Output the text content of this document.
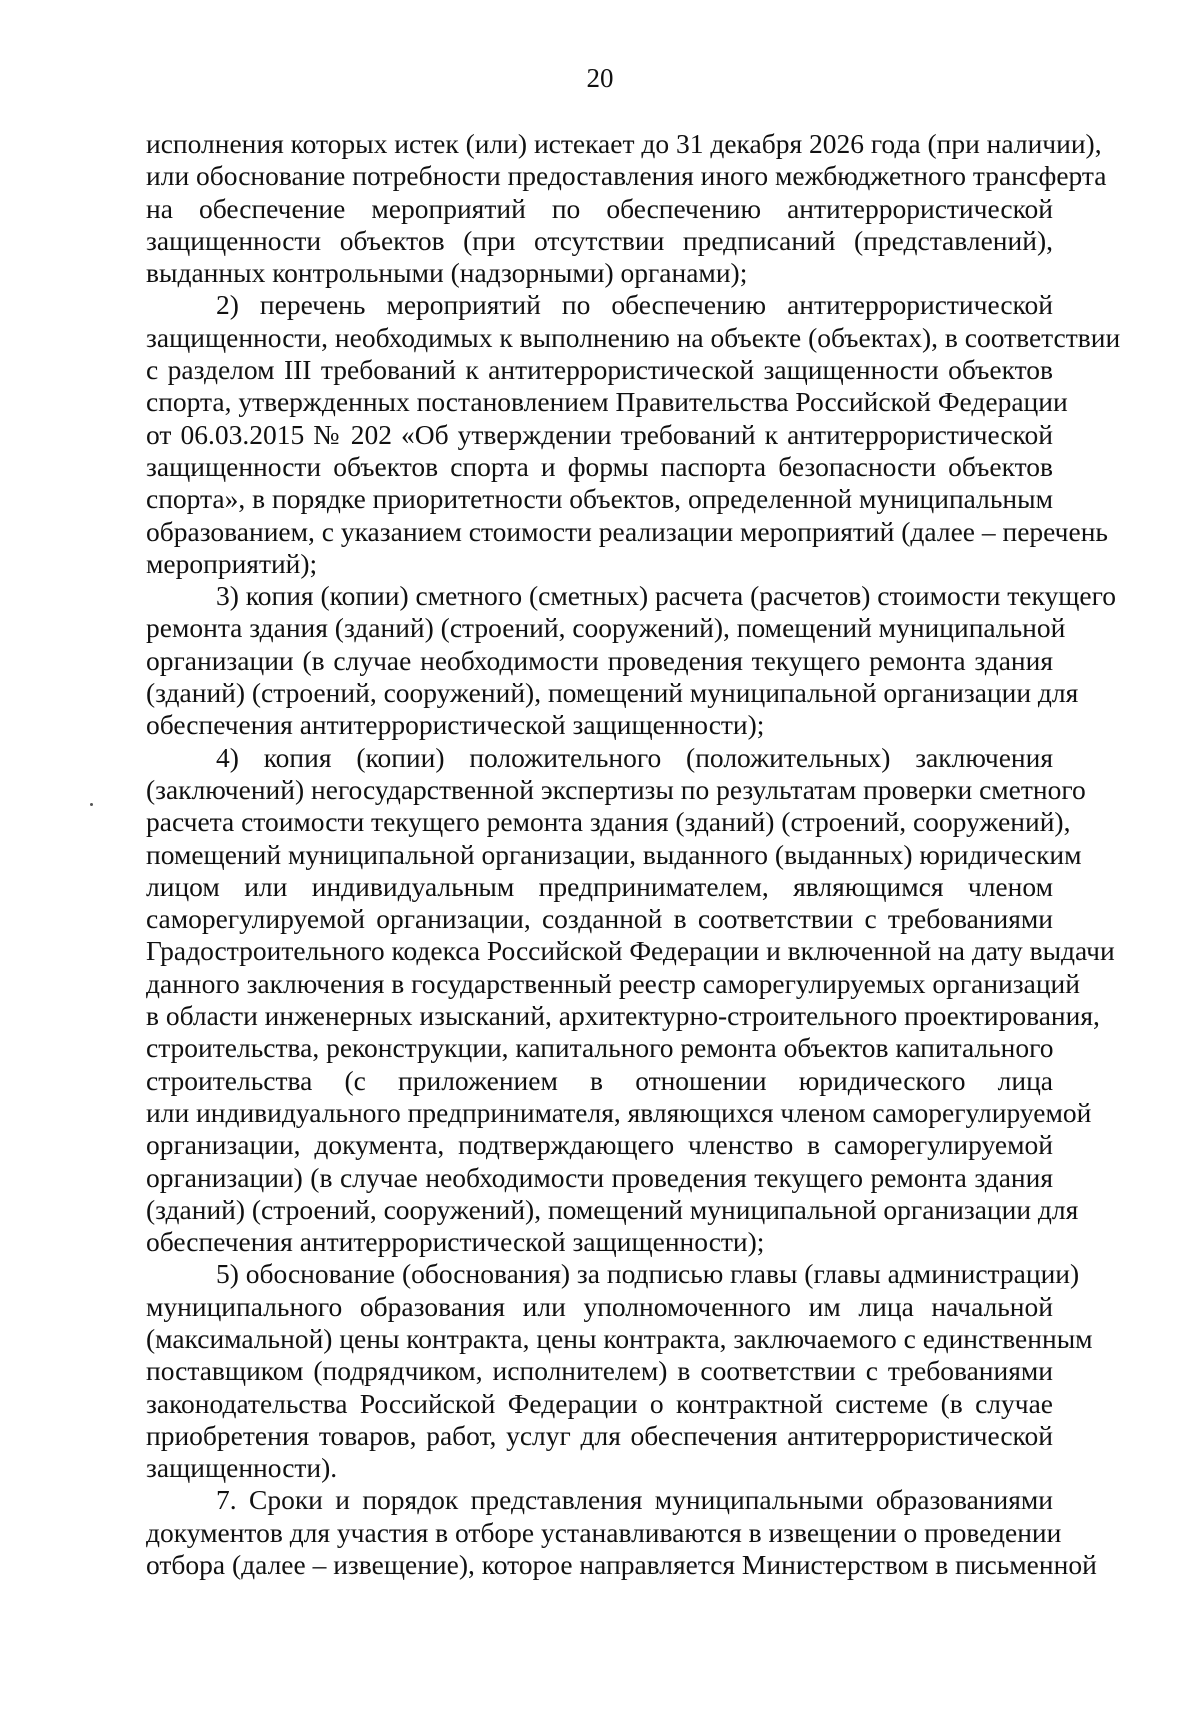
20
исполнения которых истек (или) истекает до 31 декабря 2026 года (при наличии),
или обоснование потребности предоставления иного межбюджетного трансферта
на обеспечение мероприятий по обеспечению антитеррористической
защищенности объектов (при отсутствии предписаний (представлений),
выданных контрольными (надзорными) органами);
2) перечень мероприятий по обеспечению антитеррористической
защищенности, необходимых к выполнению на объекте (объектах), в соответствии
с разделом III требований к антитеррористической защищенности объектов
спорта, утвержденных постановлением Правительства Российской Федерации
от 06.03.2015 № 202 «Об утверждении требований к антитеррористической
защищенности объектов спорта и формы паспорта безопасности объектов
спорта», в порядке приоритетности объектов, определенной муниципальным
образованием, с указанием стоимости реализации мероприятий (далее – перечень
мероприятий);
3) копия (копии) сметного (сметных) расчета (расчетов) стоимости текущего
ремонта здания (зданий) (строений, сооружений), помещений муниципальной
организации (в случае необходимости проведения текущего ремонта здания
(зданий) (строений, сооружений), помещений муниципальной организации для
обеспечения антитеррористической защищенности);
4) копия (копии) положительного (положительных) заключения
(заключений) негосударственной экспертизы по результатам проверки сметного
расчета стоимости текущего ремонта здания (зданий) (строений, сооружений),
помещений муниципальной организации, выданного (выданных) юридическим
лицом или индивидуальным предпринимателем, являющимся членом
саморегулируемой организации, созданной в соответствии с требованиями
Градостроительного кодекса Российской Федерации и включенной на дату выдачи
данного заключения в государственный реестр саморегулируемых организаций
в области инженерных изысканий, архитектурно-строительного проектирования,
строительства, реконструкции, капитального ремонта объектов капитального
строительства (с приложением в отношении юридического лица
или индивидуального предпринимателя, являющихся членом саморегулируемой
организации, документа, подтверждающего членство в саморегулируемой
организации) (в случае необходимости проведения текущего ремонта здания
(зданий) (строений, сооружений), помещений муниципальной организации для
обеспечения антитеррористической защищенности);
5) обоснование (обоснования) за подписью главы (главы администрации)
муниципального образования или уполномоченного им лица начальной
(максимальной) цены контракта, цены контракта, заключаемого с единственным
поставщиком (подрядчиком, исполнителем) в соответствии с требованиями
законодательства Российской Федерации о контрактной системе (в случае
приобретения товаров, работ, услуг для обеспечения антитеррористической
защищенности).
7. Сроки и порядок представления муниципальными образованиями
документов для участия в отборе устанавливаются в извещении о проведении
отбора (далее – извещение), которое направляется Министерством в письменной
